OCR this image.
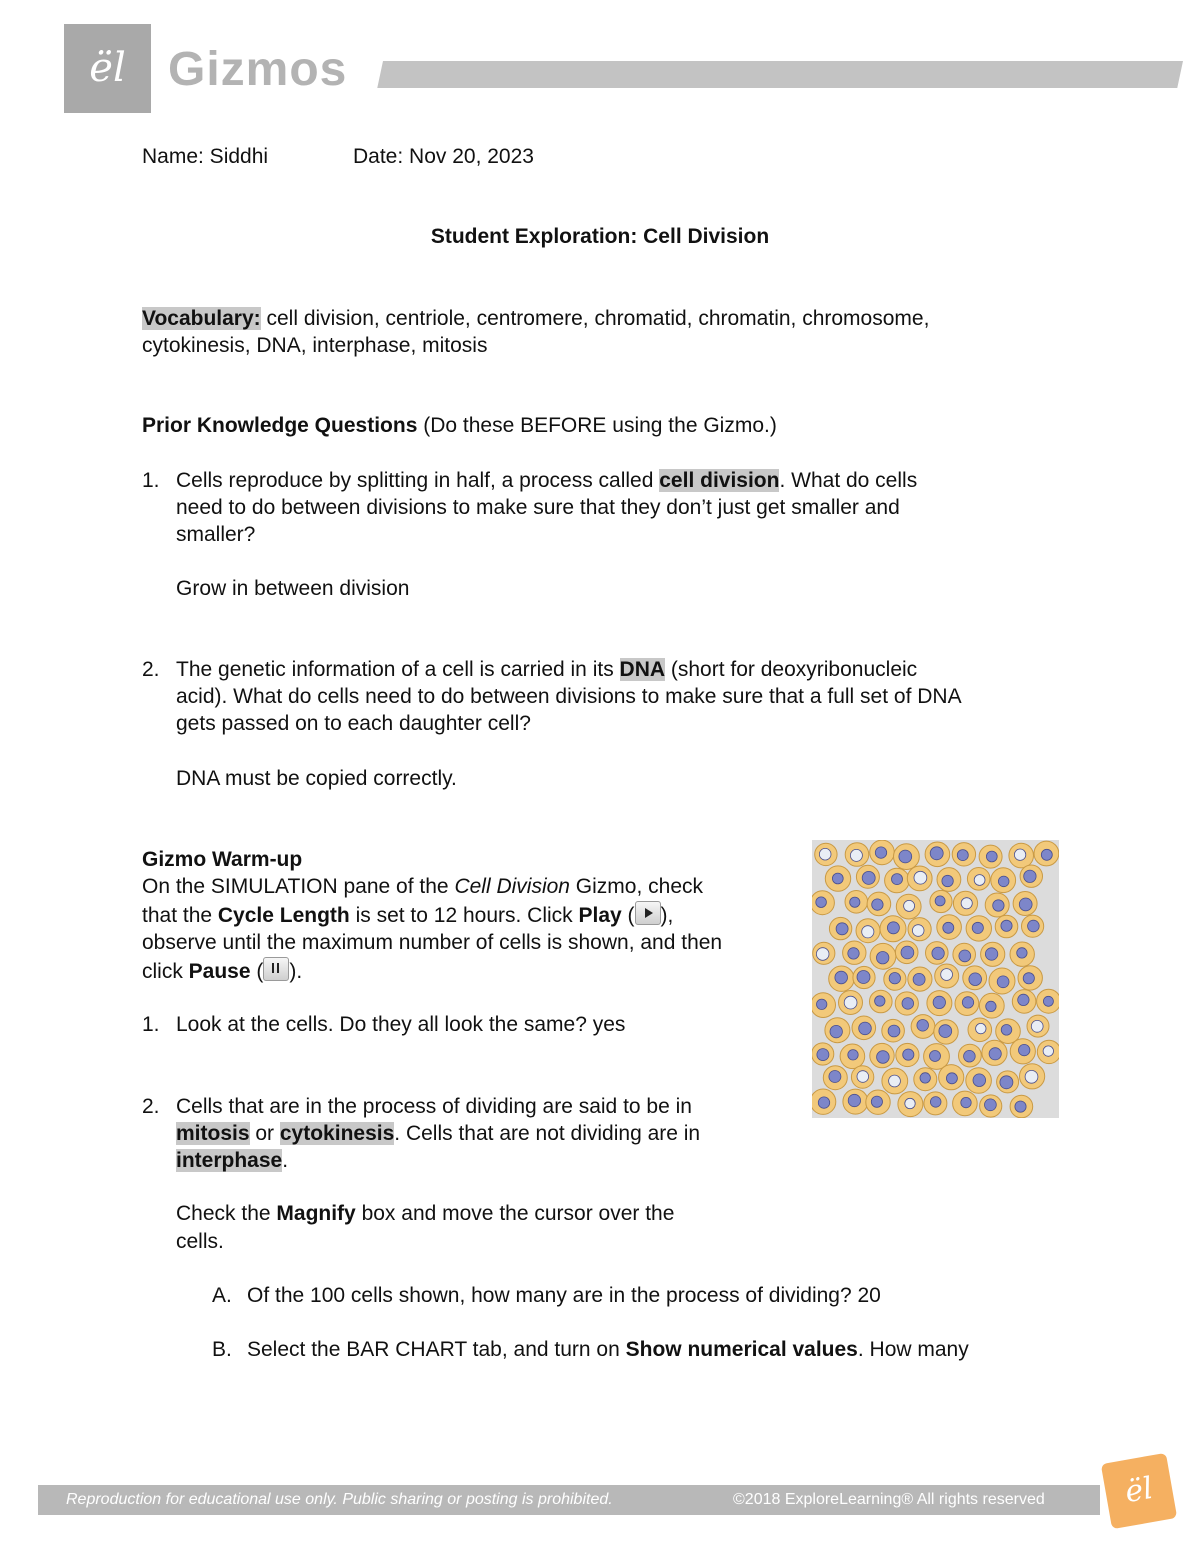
ël Gizmos
Name: Siddhi	Date: Nov 20, 2023
Student Exploration: Cell Division
Vocabulary: cell division, centriole, centromere, chromatid, chromatin, chromosome,
cytokinesis, DNA, interphase, mitosis
Prior Knowledge Questions (Do these BEFORE using the Gizmo.)
1. Cells reproduce by splitting in half, a process called cell division. What do cells
need to do between divisions to make sure that they don’t just get smaller and
smaller?
Grow in between division
2. The genetic information of a cell is carried in its DNA (short for deoxyribonucleic
acid). What do cells need to do between divisions to make sure that a full set of DNA
gets passed on to each daughter cell?
DNA must be copied correctly.
Gizmo Warm-up
On the SIMULATION pane of the Cell Division Gizmo, check
that the Cycle Length is set to 12 hours. Click Play ( ),
observe until the maximum number of cells is shown, and then
click Pause ( ).
1. Look at the cells. Do they all look the same? yes
2. Cells that are in the process of dividing are said to be in
mitosis or cytokinesis. Cells that are not dividing are in
interphase.
Check the Magnify box and move the cursor over the
cells.
A. Of the 100 cells shown, how many are in the process of dividing? 20
B. Select the BAR CHART tab, and turn on Show numerical values. How many
Reproduction for educational use only. Public sharing or posting is prohibited.	©2018 ExploreLearning® All rights reserved	ël
